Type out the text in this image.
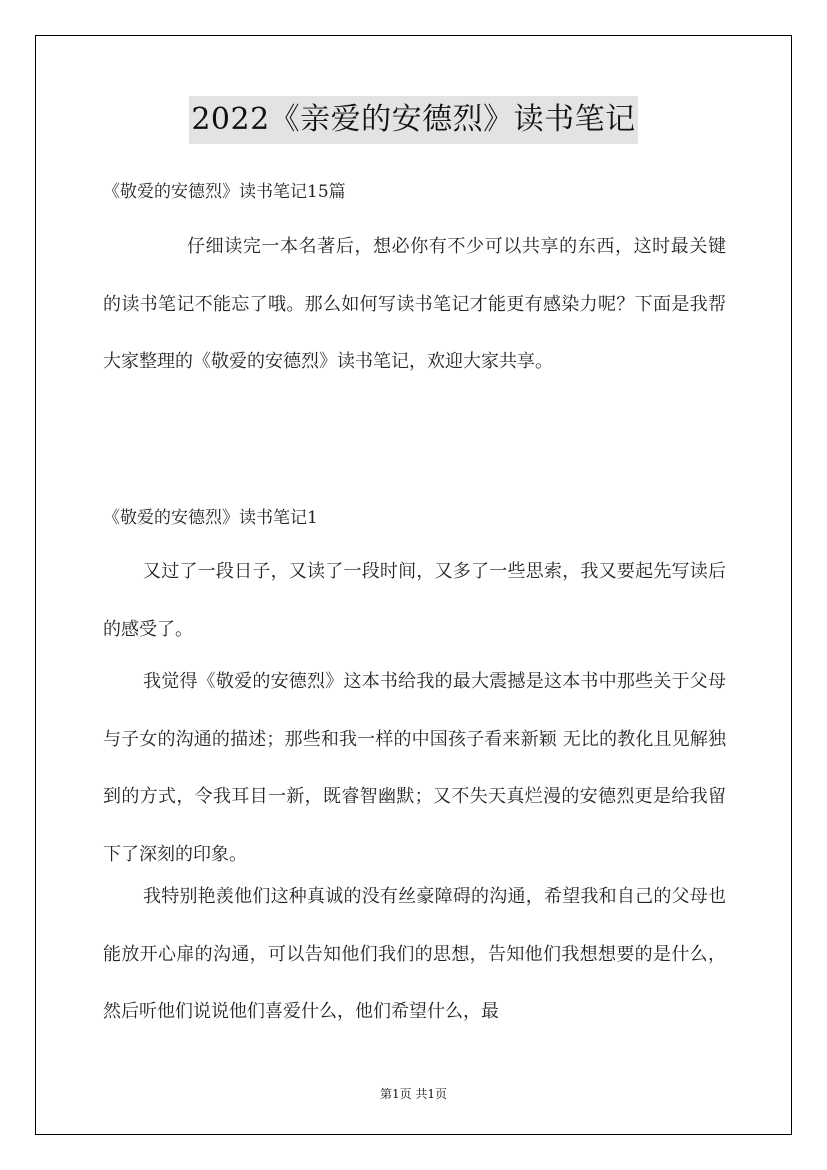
2022《亲爱的安德烈》读书笔记
《敬爱的安德烈》读书笔记15篇
仔细读完一本名著后，想必你有不少可以共享的东西，这时最关键的读书笔记不能忘了哦。那么如何写读书笔记才能更有感染力呢？下面是我帮大家整理的《敬爱的安德烈》读书笔记，欢迎大家共享。
《敬爱的安德烈》读书笔记1
又过了一段日子，又读了一段时间，又多了一些思索，我又要起先写读后的感受了。
我觉得《敬爱的安德烈》这本书给我的最大震撼是这本书中那些关于父母与子女的沟通的描述；那些和我一样的中国孩子看来新颖 无比的教化且见解独到的方式，令我耳目一新，既睿智幽默；又不失天真烂漫的安德烈更是给我留下了深刻的印象。
我特别艳羡他们这种真诚的没有丝豪障碍的沟通，希望我和自己的父母也能放开心扉的沟通，可以告知他们我们的思想，告知他们我想想要的是什么，然后听他们说说他们喜爱什么，他们希望什么，最
第1页 共1页
